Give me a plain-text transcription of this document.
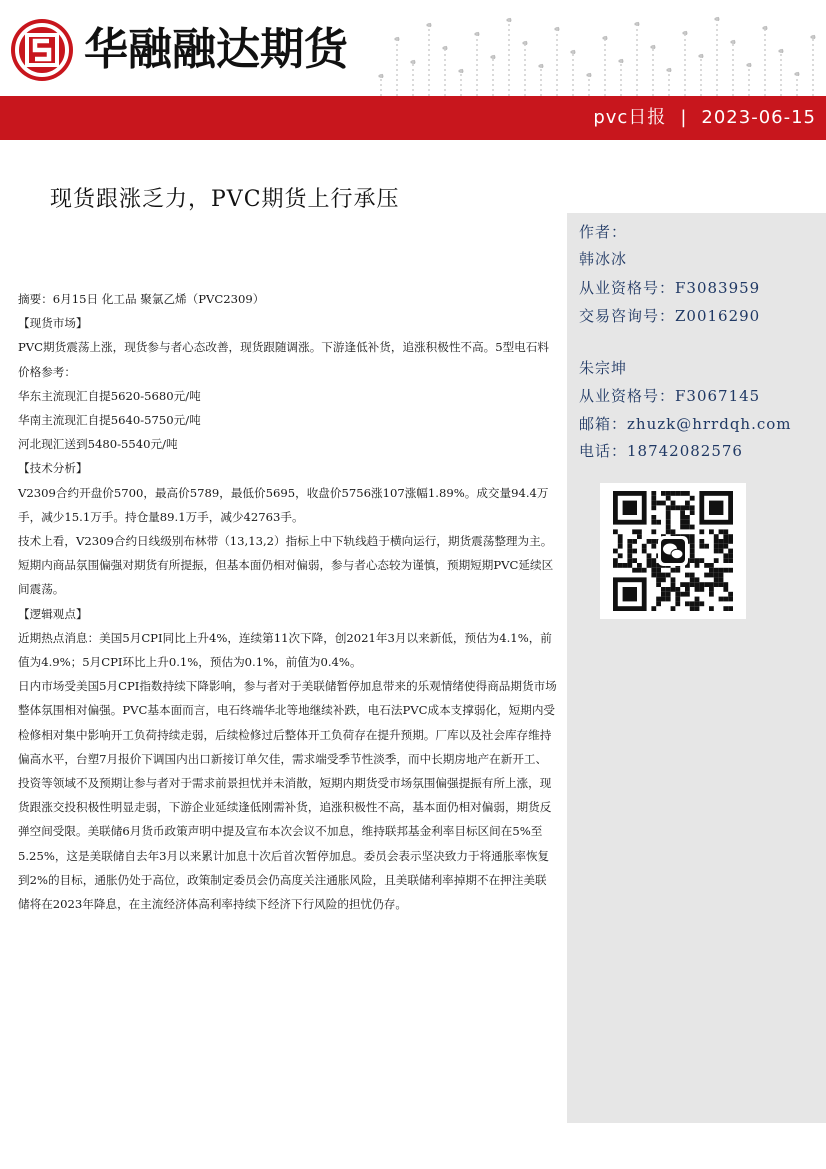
华融融达期货
pvc日报 | 2023-06-15
现货跟涨乏力，PVC期货上行承压
作者：
韩冰冰
从业资格号：F3083959
交易咨询号：Z0016290
朱宗坤
从业资格号：F3067145
邮箱：zhuzk@hrrdqh.com
电话：18742082576

摘要：6月15日 化工品 聚氯乙烯（PVC2309）

【现货市场】

PVC期货震荡上涨，现货参与者心态改善，现货跟随调涨。下游逢低补货，追涨积极性不高。5型电石料价格参考：

华东主流现汇自提5620-5680元/吨

华南主流现汇自提5640-5750元/吨

河北现汇送到5480-5540元/吨

【技术分析】

V2309合约开盘价5700，最高价5789，最低价5695，收盘价5756涨107涨幅1.89%。成交量94.4万手，减少15.1万手。持仓量89.1万手，减少42763手。

技术上看，V2309合约日线级别布林带（13,13,2）指标上中下轨线趋于横向运行，期货震荡整理为主。短期内商品氛围偏强对期货有所提振，但基本面仍相对偏弱，参与者心态较为谨慎，预期短期PVC延续区间震荡。

【逻辑观点】

近期热点消息：美国5月CPI同比上升4%，连续第11次下降，创2021年3月以来新低，预估为4.1%，前值为4.9%；5月CPI环比上升0.1%，预估为0.1%，前值为0.4%。

日内市场受美国5月CPI指数持续下降影响，参与者对于美联储暂停加息带来的乐观情绪使得商品期货市场整体氛围相对偏强。PVC基本面而言，电石终端华北等地继续补跌，电石法PVC成本支撑弱化，短期内受检修相对集中影响开工负荷持续走弱，后续检修过后整体开工负荷存在提升预期。厂库以及社会库存维持偏高水平，台塑7月报价下调国内出口新接订单欠佳，需求端受季节性淡季，而中长期房地产在新开工、投资等领域不及预期让参与者对于需求前景担忧并未消散，短期内期货受市场氛围偏强提振有所上涨，现货跟涨交投积极性明显走弱，下游企业延续逢低刚需补货，追涨积极性不高，基本面仍相对偏弱，期货反弹空间受限。美联储6月货币政策声明中提及宣布本次会议不加息，维持联邦基金利率目标区间在5%至5.25%，这是美联储自去年3月以来累计加息十次后首次暂停加息。委员会表示坚决致力于将通胀率恢复到2%的目标，通胀仍处于高位，政策制定委员会仍高度关注通胀风险，且美联储利率掉期不在押注美联储将在2023年降息，在主流经济体高利率持续下经济下行风险的担忧仍存。
